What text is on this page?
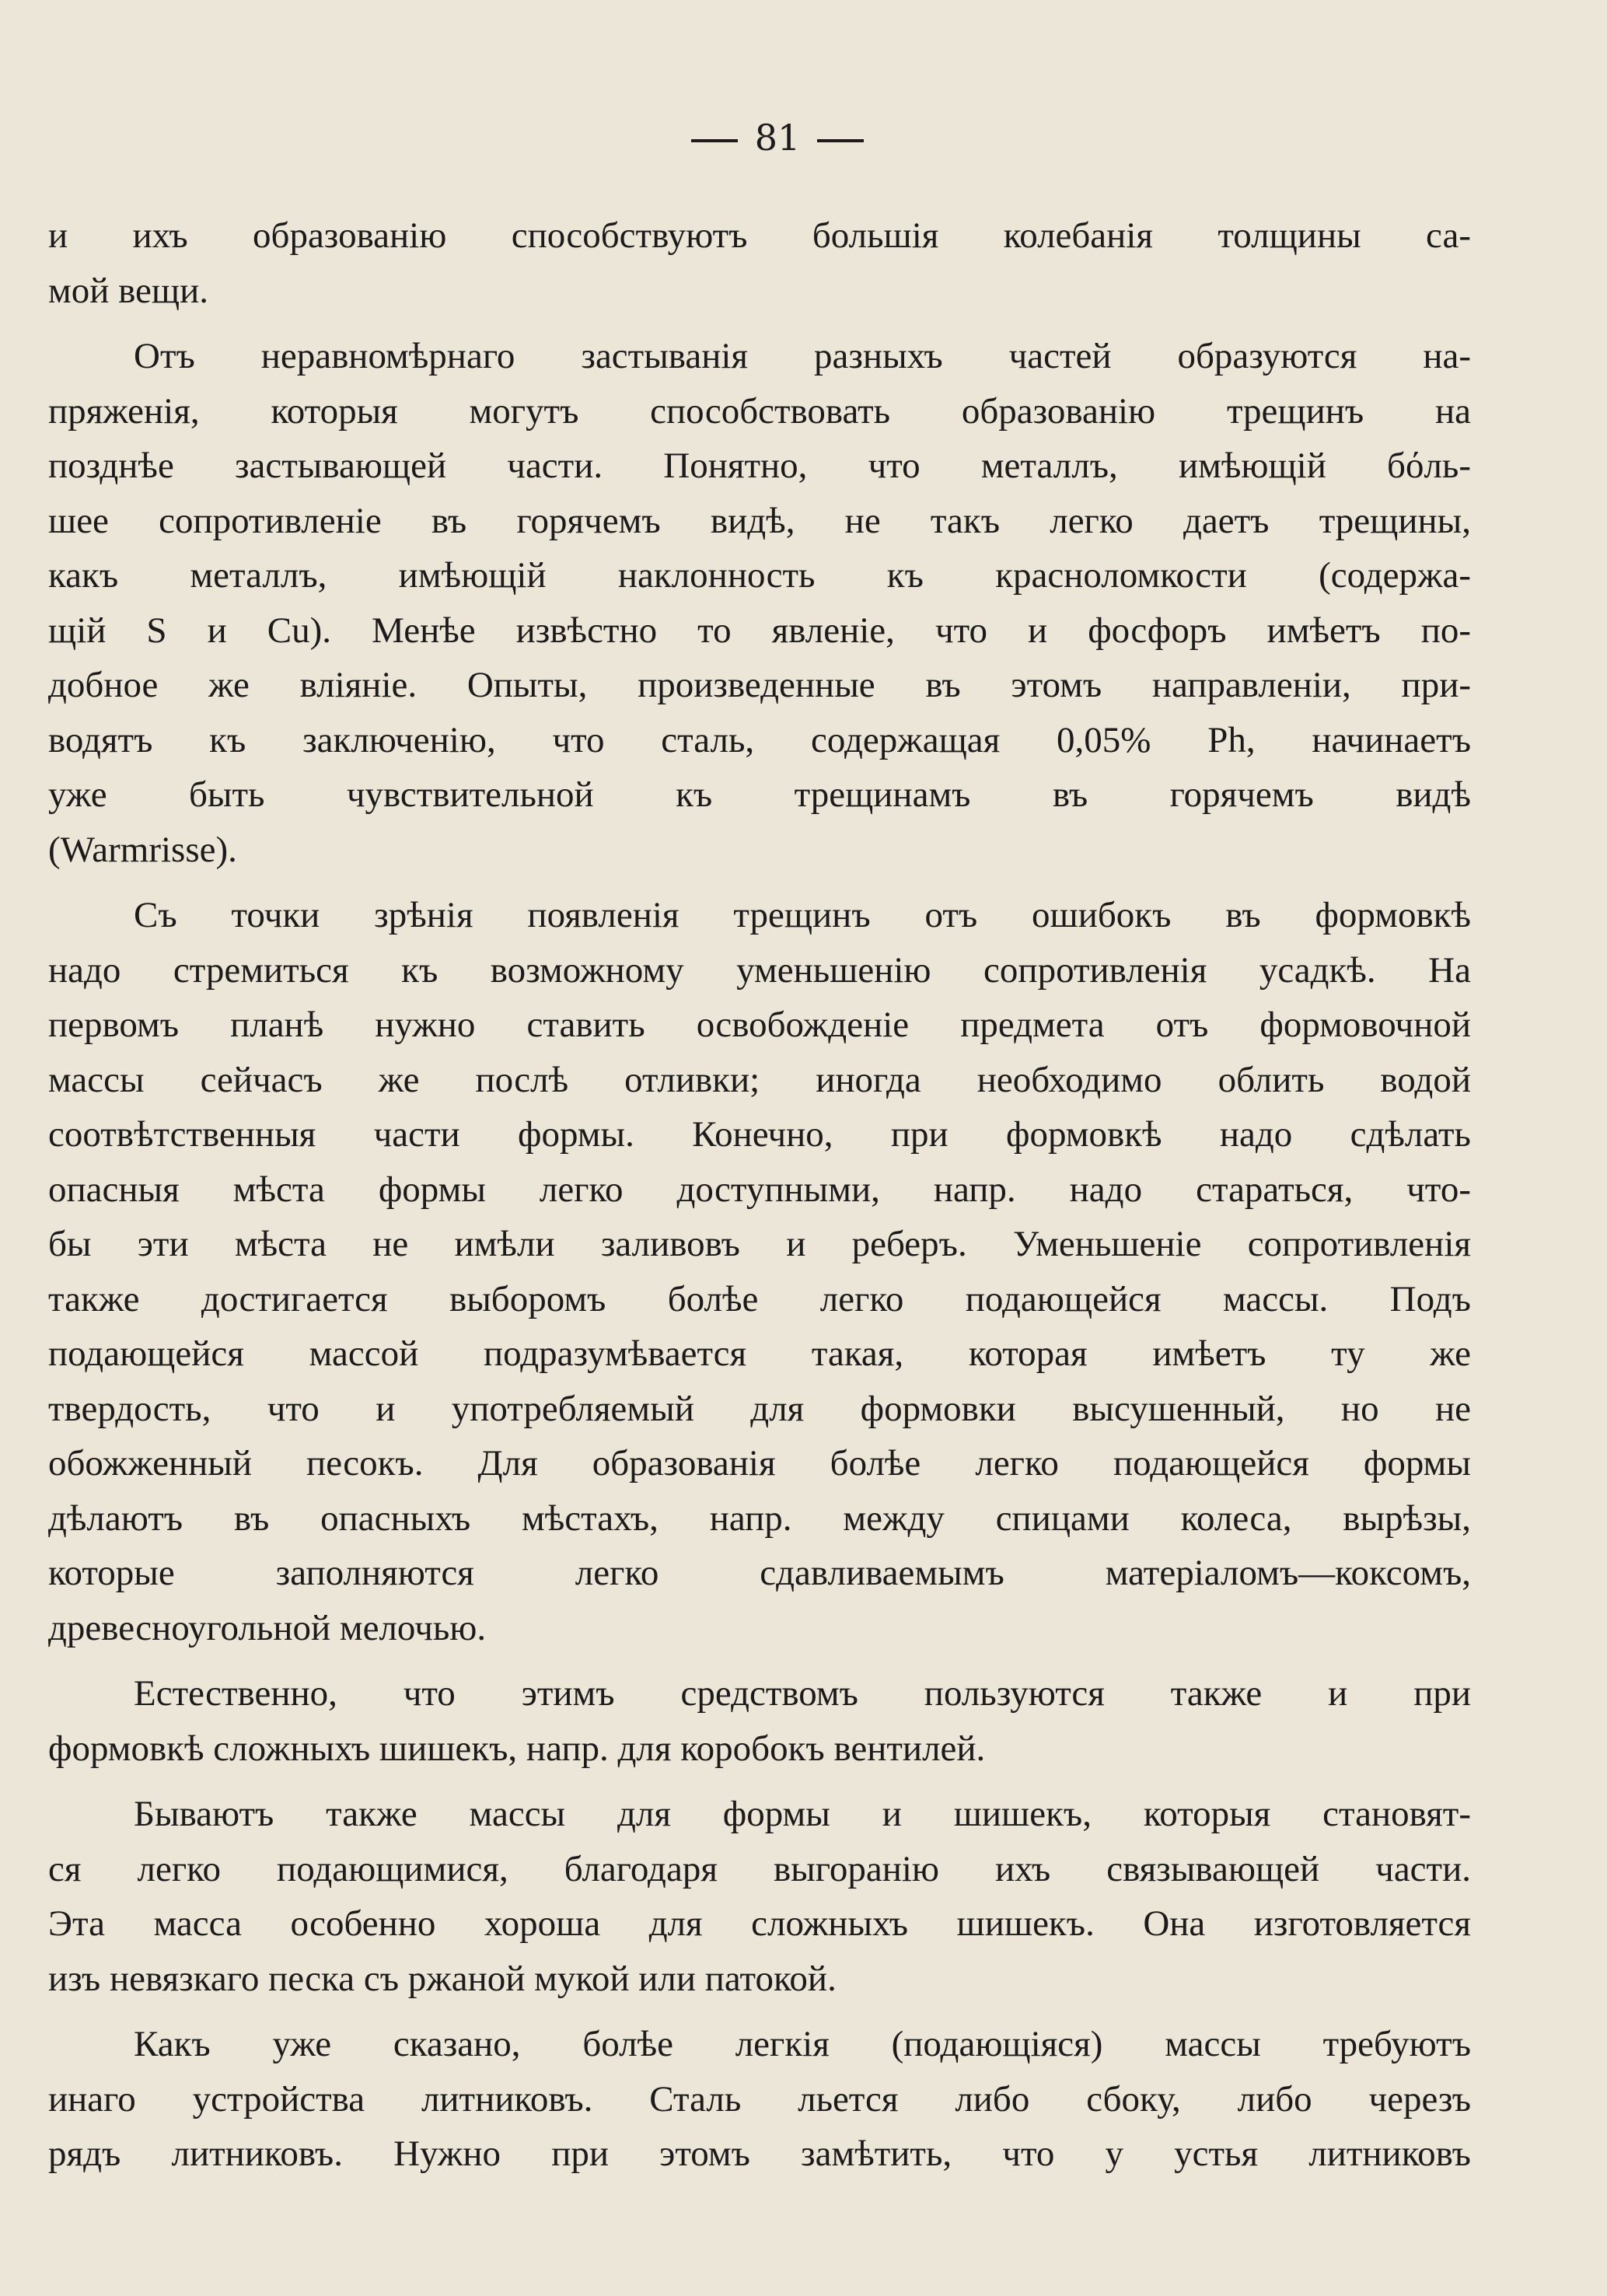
81
и ихъ образованію способствуютъ большія колебанія толщины са-
мой вещи.
Отъ неравномѣрнаго застыванія разныхъ частей образуются на-
пряженія, которыя могутъ способствовать образованію трещинъ на
позднѣе застывающей части. Понятно, что металлъ, имѣющій бόль-
шее сопротивленіе въ горячемъ видѣ, не такъ легко даетъ трещины,
какъ металлъ, имѣющій наклонность къ красноломкости (содержа-
щій S и Cu). Менѣе извѣстно то явленіе, что и фосфоръ имѣетъ по-
добное же вліяніе. Опыты, произведенные въ этомъ направленіи, при-
водятъ къ заключенію, что сталь, содержащая 0,05% Ph, начинаетъ
уже быть чувствительной къ трещинамъ въ горячемъ видѣ
(Warmrisse).
Съ точки зрѣнія появленія трещинъ отъ ошибокъ въ формовкѣ
надо стремиться къ возможному уменьшенію сопротивленія усадкѣ. На
первомъ планѣ нужно ставить освобожденіе предмета отъ формовочной
массы сейчасъ же послѣ отливки; иногда необходимо облить водой
соотвѣтственныя части формы. Конечно, при формовкѣ надо сдѣлать
опасныя мѣста формы легко доступными, напр. надо стараться, что-
бы эти мѣста не имѣли заливовъ и реберъ. Уменьшеніе сопротивленія
также достигается выборомъ болѣе легко подающейся массы. Подъ
подающейся массой подразумѣвается такая, которая имѣетъ ту же
твердость, что и употребляемый для формовки высушенный, но не
обожженный песокъ. Для образованія болѣе легко подающейся формы
дѣлаютъ въ опасныхъ мѣстахъ, напр. между спицами колеса, вырѣзы,
которые заполняются легко сдавливаемымъ матеріаломъ—коксомъ,
древесноугольной мелочью.
Естественно, что этимъ средствомъ пользуются также и при
формовкѣ сложныхъ шишекъ, напр. для коробокъ вентилей.
Бываютъ также массы для формы и шишекъ, которыя становят-
ся легко подающимися, благодаря выгоранію ихъ связывающей части.
Эта масса особенно хороша для сложныхъ шишекъ. Она изготовляется
изъ невязкаго песка съ ржаной мукой или патокой.
Какъ уже сказано, болѣе легкія (подающіяся) массы требуютъ
инаго устройства литниковъ. Сталь льется либо сбоку, либо черезъ
рядъ литниковъ. Нужно при этомъ замѣтить, что у устья литниковъ
